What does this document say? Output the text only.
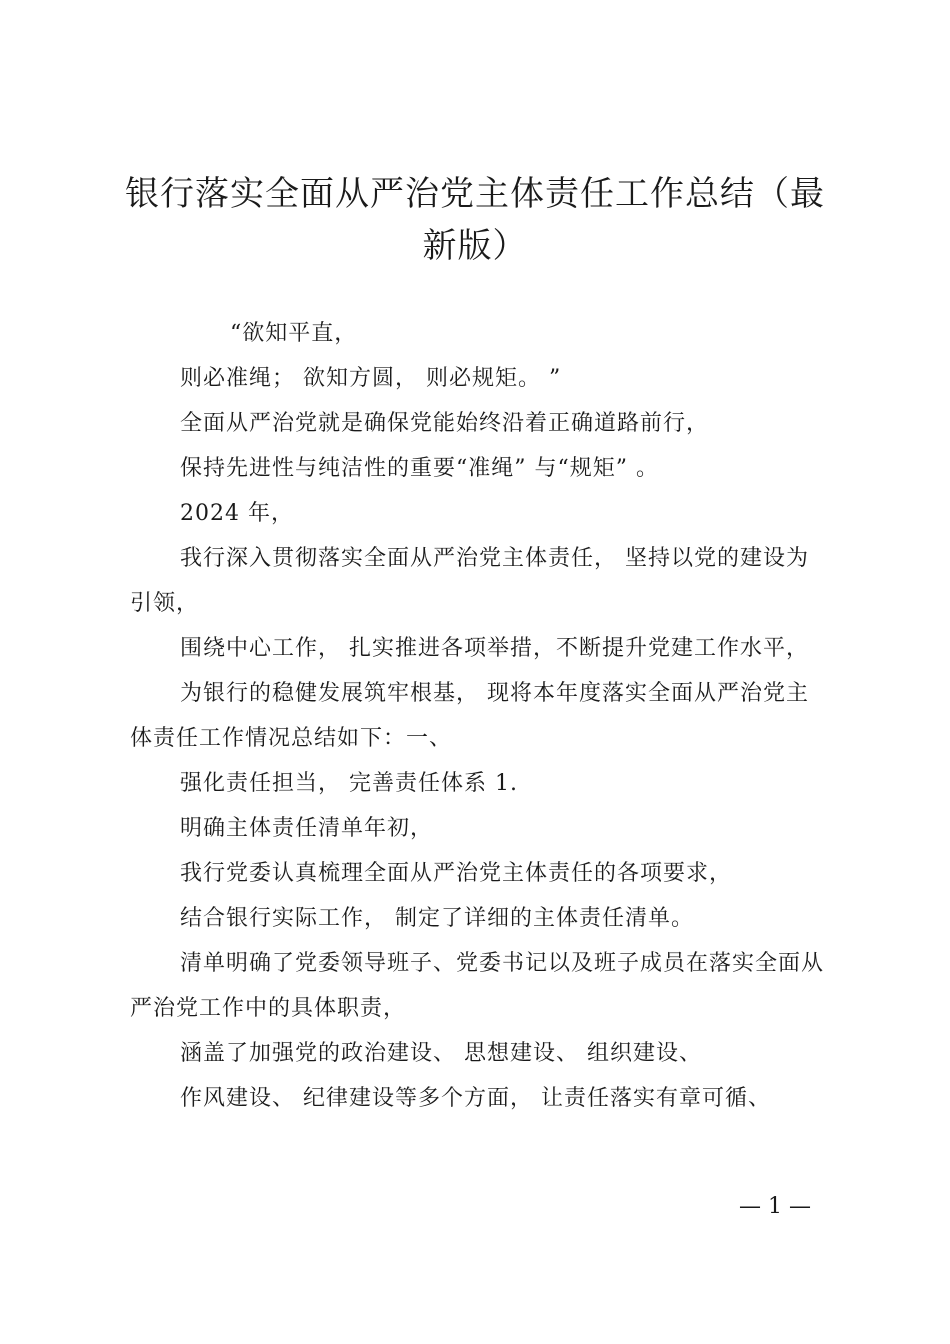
银行落实全面从严治党主体责任工作总结（最新版）

“欲知平直，

则必准绳； 欲知方圆， 则必规矩。 ”

全面从严治党就是确保党能始终沿着正确道路前行，

保持先进性与纯洁性的重要“准绳” 与“规矩” 。

2024 年，

我行深入贯彻落实全面从严治党主体责任， 坚持以党的建设为引领，

围绕中心工作， 扎实推进各项举措，不断提升党建工作水平，

为银行的稳健发展筑牢根基， 现将本年度落实全面从严治党主体责任工作情况总结如下：一、

强化责任担当， 完善责任体系 1.

明确主体责任清单年初，

我行党委认真梳理全面从严治党主体责任的各项要求，

结合银行实际工作， 制定了详细的主体责任清单。

清单明确了党委领导班子、党委书记以及班子成员在落实全面从严治党工作中的具体职责，

涵盖了加强党的政治建设、 思想建设、 组织建设、

作风建设、 纪律建设等多个方面， 让责任落实有章可循、

— 1 —
